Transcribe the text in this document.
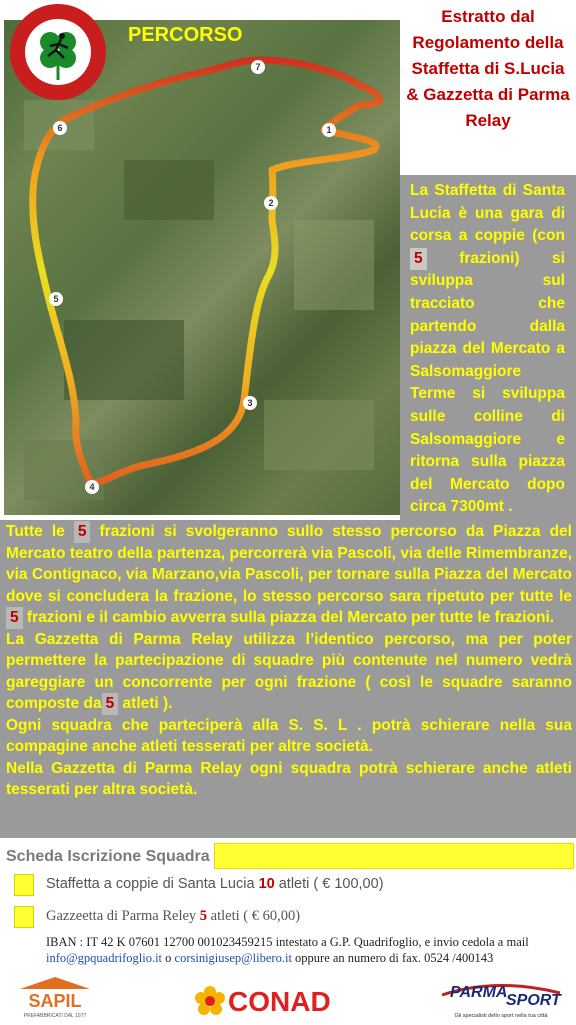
1
2
3
4
5
6
7
PERCORSO
Estratto dal Regolamento della Staffetta di S.Lucia & Gazzetta di Parma Relay
La Staffetta di Santa Lucia è una gara di corsa a coppie (con 5 frazioni) si sviluppa sul tracciato che partendo dalla piazza del Mercato a Salsomaggiore Terme si sviluppa sulle colline di Salsomaggiore e ritorna sulla piazza del Mercato dopo circa 7300mt .
Tutte le 5 frazioni si svolgeranno sullo stesso percorso da Piazza del Mercato teatro della partenza, percorrerà via Pascoli, via delle Rimembranze, via Contignaco, via Marzano,via Pascoli, per tornare sulla Piazza del Mercato dove si concludera la frazione, lo stesso percorso sara ripetuto per tutte le 5 frazioni e il cambio avverra sulla piazza del Mercato per tutte le frazioni.
La Gazzetta di Parma Relay utilizza l’identico percorso, ma per poter permettere la partecipazione di squadre più contenute nel numero vedrà gareggiare un concorrente per ogni frazione ( così le squadre saranno composte da 5 atleti ).
Ogni squadra che parteciperà alla S. S. L . potrà schierare nella sua compagine anche atleti tesserati per altre società.
Nella Gazzetta di Parma Relay ogni squadra potrà schierare anche atleti tesserati per altra società.
Scheda Iscrizione Squadra
Staffetta a coppie di Santa Lucia 10 atleti ( € 100,00)
Gazzeetta di Parma Reley 5 atleti ( € 60,00)
IBAN : IT 42 K 07601 12700 001023459215 intestato a G.P. Quadrifoglio, e invio cedola a mail
info@gpquadrifoglio.it o corsinigiusep@libero.it oppure an numero di fax. 0524 /400143
SAPIL
PREFABBRICATI DAL 1977	CONAD	PARMA
SPORT
Gli specialisti dello sport nella tua città
